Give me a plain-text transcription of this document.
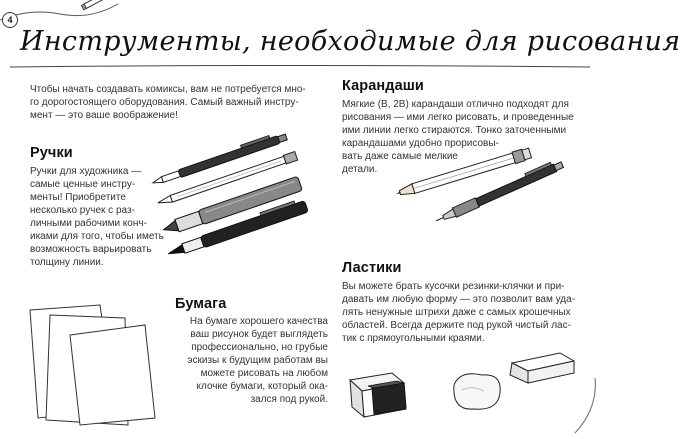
4
Инструменты, необходимые для рисования
Чтобы начать создавать комиксы, вам не потребуется мно-
го дорогостоящего оборудования. Самый важный инстру-
мент — это ваше воображение!
Ручки
Ручки для художника —
самые ценные инстру-
менты! Приобретите
несколько ручек с раз-
личными рабочими конч-
иками для того, чтобы иметь
возможность варьировать
толщину линии.
Карандаши
Мягкие (B, 2B) карандаши отлично подходят для
рисования — ими легко рисовать, и проведенные
ими линии легко стираются. Тонко заточенными
карандашами удобно прорисовы-
вать даже самые мелкие
детали.
Бумага
На бумаге хорошего качества
ваш рисунок будет выглядеть
профессионально, но грубые
эскизы к будущим работам вы
можете рисовать на любом
клочке бумаги, который ока-
зался под рукой.
Ластики
Вы можете брать кусочки резинки-клячки и при-
давать им любую форму — это позволит вам уда-
лять ненужные штрихи даже с самых крошечных
областей. Всегда держите под рукой чистый лас-
тик с прямоугольными краями.
